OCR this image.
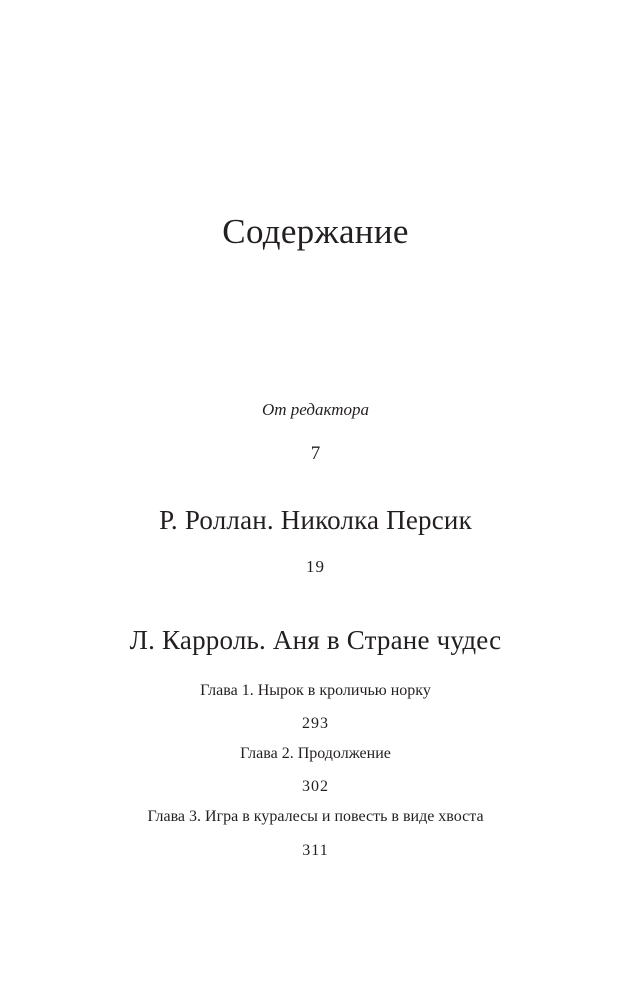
Содержание
От редактора
7
Р. Роллан. Николка Персик
19
Л. Карроль. Аня в Стране чудес
Глава 1. Нырок в кроличью норку
293
Глава 2. Продолжение
302
Глава 3. Игра в куралесы и повесть в виде хвоста
311
